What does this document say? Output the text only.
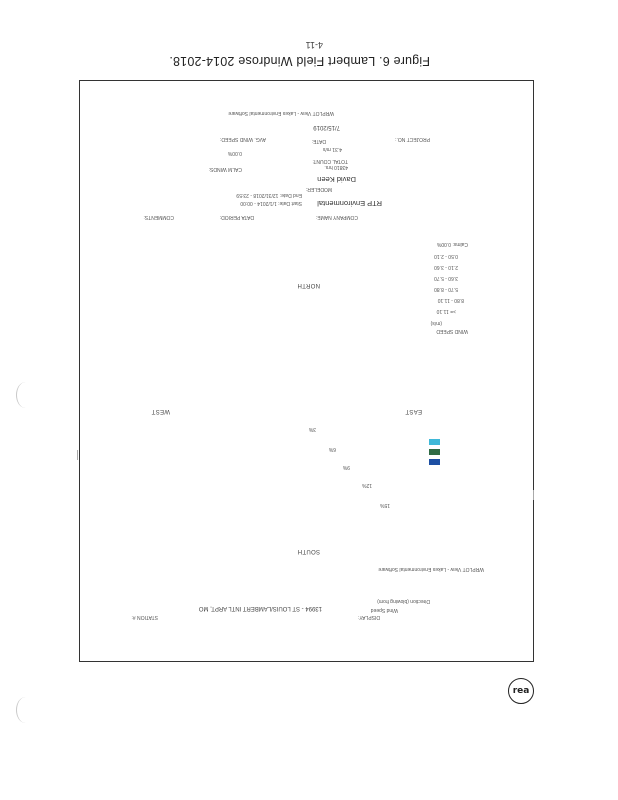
Figure 6. Lambert Field Windrose 2014-2018.
4-11
WRPLOT View - Lakes Environmental Software
COMMENTS:	DATA PERIOD:
Start Date: 1/1/2014 - 00:00
End Date: 12/31/2018 - 23:59
COMPANY NAME:
RTP Environmental
MODELER:
David Keen
CALM WINDS:
TOTAL COUNT:
43810 hrs.
0.00%
AVG. WIND SPEED:
4.31 m/s
DATE:
7/15/2019
PROJECT NO.:
NORTH
SOUTH
WEST	EAST
3%
6%
9%
12%
15%
WIND SPEED
(m/s)
>= 11.10
8.80 - 11.10
5.70 - 8.80
3.60 - 5.70
2.10 - 3.60
0.50 - 2.10
Calms: 0.00%
WRPLOT View - Lakes Environmental Software
Direction (blowing from)
Wind Speed
DISPLAY:
13994 - ST LOUIS/LAMBERT INTL ARPT, MO
STATION #:
rea
